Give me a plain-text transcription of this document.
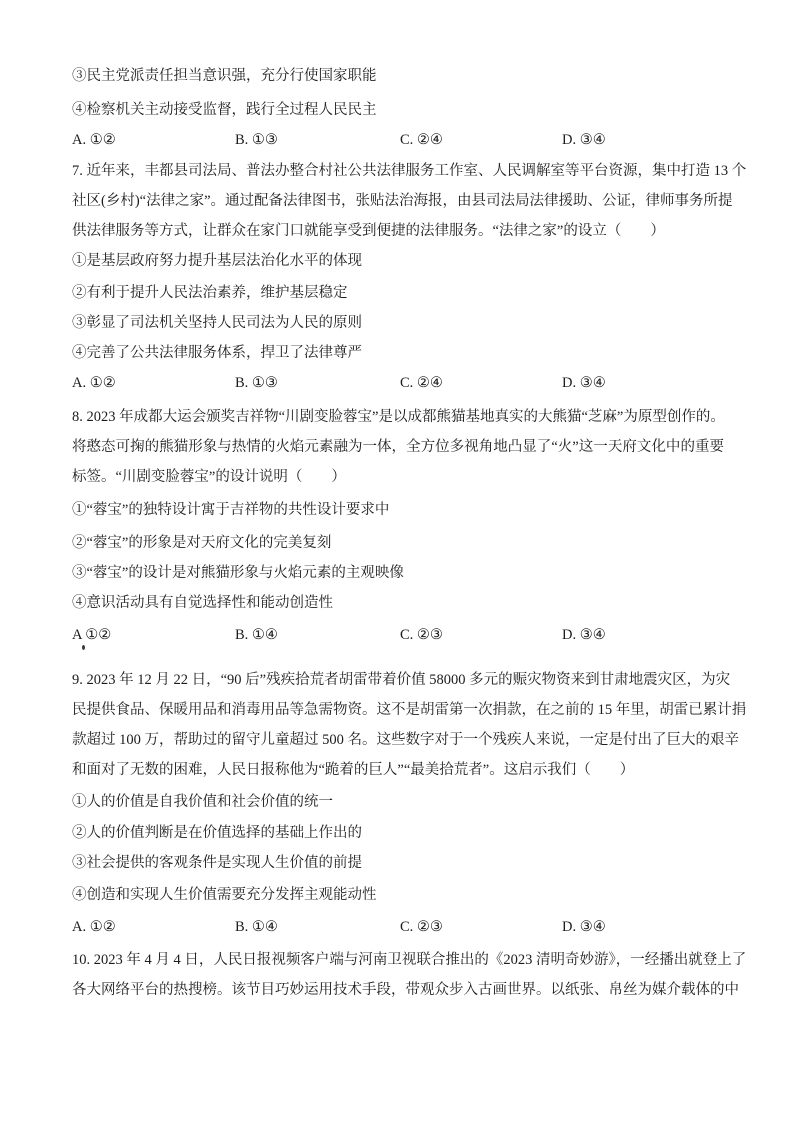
③民主党派责任担当意识强，充分行使国家职能
④检察机关主动接受监督，践行全过程人民民主
A. ①②	B. ①③	C. ②④	D. ③④
7. 近年来，丰都县司法局、普法办整合村社公共法律服务工作室、人民调解室等平台资源，集中打造 13 个
社区(乡村)“法律之家”。通过配备法律图书，张贴法治海报，由县司法局法律援助、公证，律师事务所提
供法律服务等方式，让群众在家门口就能享受到便捷的法律服务。“法律之家”的设立（　　）
①是基层政府努力提升基层法治化水平的体现
②有利于提升人民法治素养，维护基层稳定
③彰显了司法机关坚持人民司法为人民的原则
④完善了公共法律服务体系，捍卫了法律尊严
A. ①②	B. ①③	C. ②④	D. ③④
8. 2023 年成都大运会颁奖吉祥物“川剧变脸蓉宝”是以成都熊猫基地真实的大熊猫“芝麻”为原型创作的。
将憨态可掬的熊猫形象与热情的火焰元素融为一体，全方位多视角地凸显了“火”这一天府文化中的重要
标签。“川剧变脸蓉宝”的设计说明（　　）
①“蓉宝”的独特设计寓于吉祥物的共性设计要求中
②“蓉宝”的形象是对天府文化的完美复刻
③“蓉宝”的设计是对熊猫形象与火焰元素的主观映像
④意识活动具有自觉选择性和能动创造性
A ①②	B. ①④	C. ②③	D. ③④
9. 2023 年 12 月 22 日，“90 后”残疾拾荒者胡雷带着价值 58000 多元的赈灾物资来到甘肃地震灾区，为灾
民提供食品、保暖用品和消毒用品等急需物资。这不是胡雷第一次捐款，在之前的 15 年里，胡雷已累计捐
款超过 100 万，帮助过的留守儿童超过 500 名。这些数字对于一个残疾人来说，一定是付出了巨大的艰辛
和面对了无数的困难，人民日报称他为“跪着的巨人”“最美拾荒者”。这启示我们（　　）
①人的价值是自我价值和社会价值的统一
②人的价值判断是在价值选择的基础上作出的
③社会提供的客观条件是实现人生价值的前提
④创造和实现人生价值需要充分发挥主观能动性
A. ①②	B. ①④	C. ②③	D. ③④
10. 2023 年 4 月 4 日，人民日报视频客户端与河南卫视联合推出的《2023 清明奇妙游》，一经播出就登上了
各大网络平台的热搜榜。该节目巧妙运用技术手段，带观众步入古画世界。以纸张、帛丝为媒介载体的中
